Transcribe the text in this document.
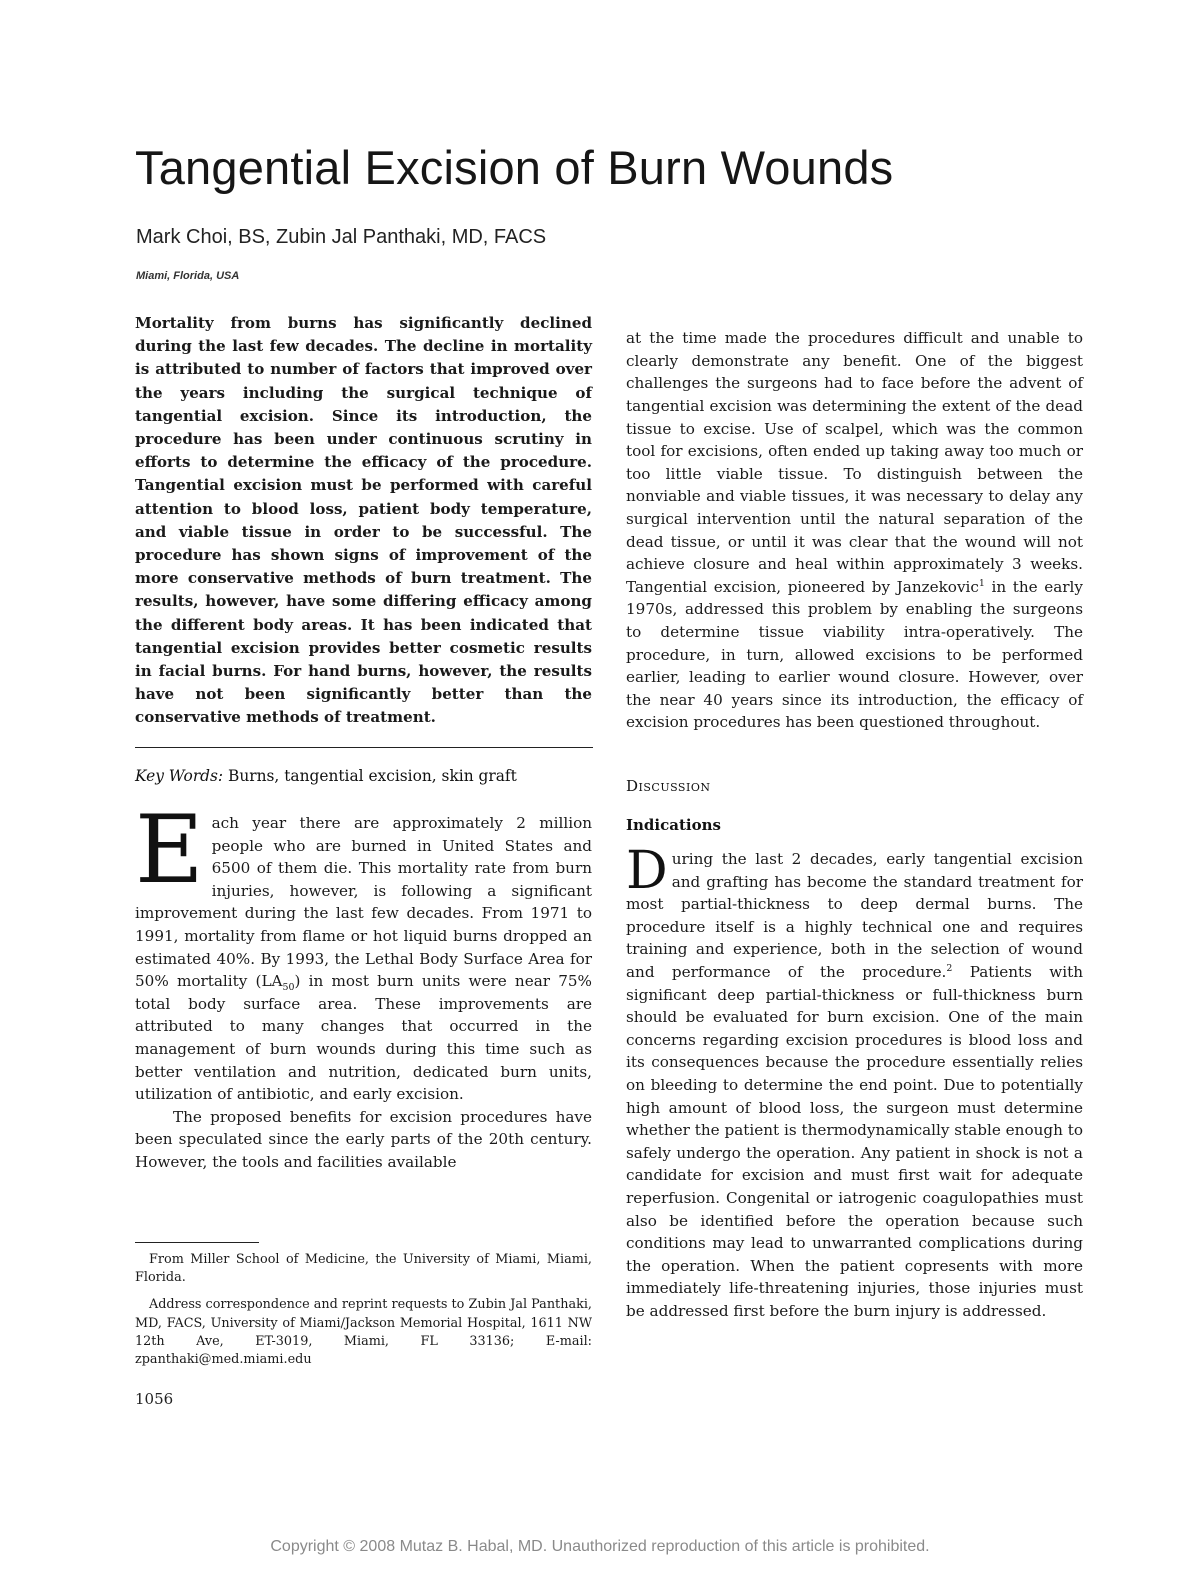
Tangential Excision of Burn Wounds
Mark Choi, BS, Zubin Jal Panthaki, MD, FACS
Miami, Florida, USA

Mortality from burns has significantly declined during the last few decades. The decline in mortality is attributed to number of factors that improved over the years including the surgical technique of tangential excision. Since its introduction, the procedure has been under continuous scrutiny in efforts to determine the efficacy of the procedure. Tangential excision must be performed with careful attention to blood loss, patient body temperature, and viable tissue in order to be successful. The procedure has shown signs of improvement of the more conservative methods of burn treatment. The results, however, have some differing efficacy among the different body areas. It has been indicated that tangential excision provides better cosmetic results in facial burns. For hand burns, however, the results have not been significantly better than the conservative methods of treatment.

Key Words: Burns, tangential excision, skin graft

Each year there are approximately 2 million people who are burned in United States and 6500 of them die. This mortality rate from burn injuries, however, is following a significant improvement during the last few decades. From 1971 to 1991, mortality from flame or hot liquid burns dropped an estimated 40%. By 1993, the Lethal Body Surface Area for 50% mortality $(LA_{50})$ in most burn units were near 75% total body surface area. These improvements are attributed to many changes that occurred in the management of burn wounds during this time such as better ventilation and nutrition, dedicated burn units, utilization of antibiotic, and early excision.

The proposed benefits for excision procedures have been speculated since the early parts of the 20th century. However, the tools and facilities available

From Miller School of Medicine, the University of Miami, Miami, Florida.

Address correspondence and reprint requests to Zubin Jal Panthaki, MD, FACS, University of Miami/Jackson Memorial Hospital, 1611 NW 12th Ave, ET-3019, Miami, FL 33136; E-mail: zpanthaki@med.miami.edu

1056

at the time made the procedures difficult and unable to clearly demonstrate any benefit. One of the biggest challenges the surgeons had to face before the advent of tangential excision was determining the extent of the dead tissue to excise. Use of scalpel, which was the common tool for excisions, often ended up taking away too much or too little viable tissue. To distinguish between the nonviable and viable tissues, it was necessary to delay any surgical intervention until the natural separation of the dead tissue, or until it was clear that the wound will not achieve closure and heal within approximately 3 weeks. Tangential excision, pioneered by Janzekovic$^1$ in the early 1970s, addressed this problem by enabling the surgeons to determine tissue viability intra-operatively. The procedure, in turn, allowed excisions to be performed earlier, leading to earlier wound closure. However, over the near 40 years since its introduction, the efficacy of excision procedures has been questioned throughout.

Discussion
Indications

During the last 2 decades, early tangential excision and grafting has become the standard treatment for most partial-thickness to deep dermal burns. The procedure itself is a highly technical one and requires training and experience, both in the selection of wound and performance of the procedure.$^2$ Patients with significant deep partial-thickness or full-thickness burn should be evaluated for burn excision. One of the main concerns regarding excision procedures is blood loss and its consequences because the procedure essentially relies on bleeding to determine the end point. Due to potentially high amount of blood loss, the surgeon must determine whether the patient is thermodynamically stable enough to safely undergo the operation. Any patient in shock is not a candidate for excision and must first wait for adequate reperfusion. Congenital or iatrogenic coagulopathies must also be identified before the operation because such conditions may lead to unwarranted complications during the operation. When the patient copresents with more immediately life-threatening injuries, those injuries must be addressed first before the burn injury is addressed.

Copyright © 2008 Mutaz B. Habal, MD. Unauthorized reproduction of this article is prohibited.
